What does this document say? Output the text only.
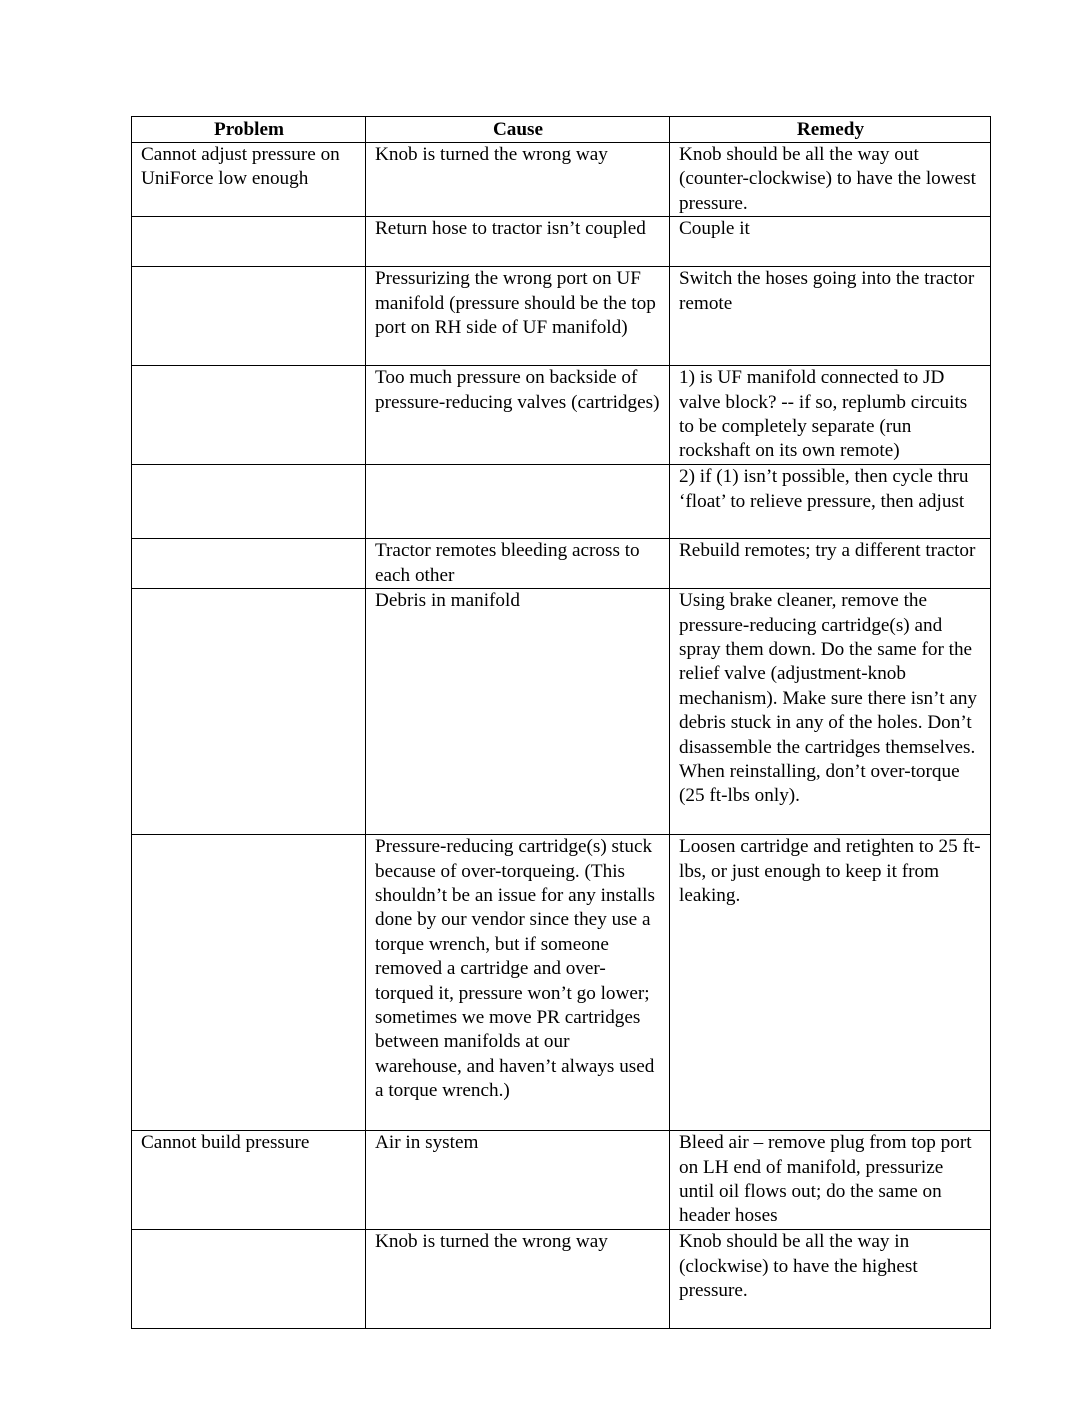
Problem	Cause	Remedy
Cannot adjust pressure on UniForce low enough	Knob is turned the wrong way	Knob should be all the way out (counter-clockwise) to have the lowest pressure.
	Return hose to tractor isn’t coupled	Couple it
	Pressurizing the wrong port on UF manifold (pressure should be the top port on RH side of UF manifold)	Switch the hoses going into the tractor remote
	Too much pressure on backside of pressure-reducing valves (cartridges)	1) is UF manifold connected to JD valve block? -- if so, replumb circuits to be completely separate (run rockshaft on its own remote)
		2) if (1) isn’t possible, then cycle thru ‘float’ to relieve pressure, then adjust
	Tractor remotes bleeding across to each other	Rebuild remotes; try a different tractor
	Debris in manifold	Using brake cleaner, remove the pressure-reducing cartridge(s) and spray them down. Do the same for the relief valve (adjustment-knob mechanism). Make sure there isn’t any debris stuck in any of the holes. Don’t disassemble the cartridges themselves. When reinstalling, don’t over-torque (25 ft-lbs only).
	Pressure-reducing cartridge(s) stuck because of over-torqueing. (This shouldn’t be an issue for any installs done by our vendor since they use a torque wrench, but if someone removed a cartridge and over-torqued it, pressure won’t go lower; sometimes we move PR cartridges between manifolds at our warehouse, and haven’t always used a torque wrench.)	Loosen cartridge and retighten to 25 ft-lbs, or just enough to keep it from leaking.
Cannot build pressure	Air in system	Bleed air – remove plug from top port on LH end of manifold, pressurize until oil flows out; do the same on header hoses
	Knob is turned the wrong way	Knob should be all the way in (clockwise) to have the highest pressure.
